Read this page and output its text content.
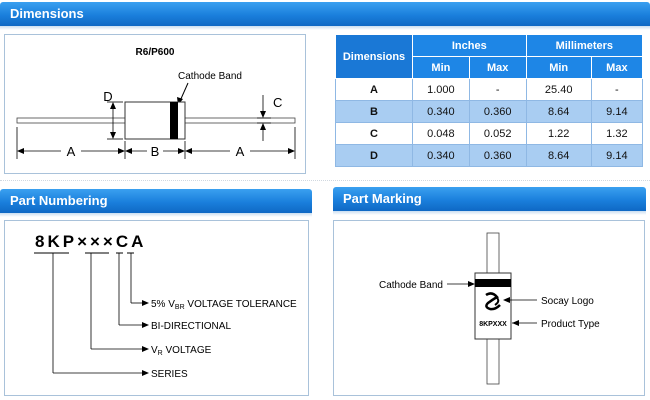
Dimensions
R6/P600
Cathode Band
D	C
A	B	A
Dimensions	Inches		Millimeters	
	Min	Max	Min	Max
A	1.000	-	25.40	-
B	0.340	0.360	8.64	9.14
C	0.048	0.052	1.22	1.32
D	0.340	0.360	8.64	9.14
Part Numbering
8KP×××CA
5% $V_{BR}$ VOLTAGE TOLERANCE
BI-DIRECTIONAL
$V_R$ VOLTAGE
SERIES
Part Marking
8KPXXX
Cathode Band
Socay Logo
Product Type
